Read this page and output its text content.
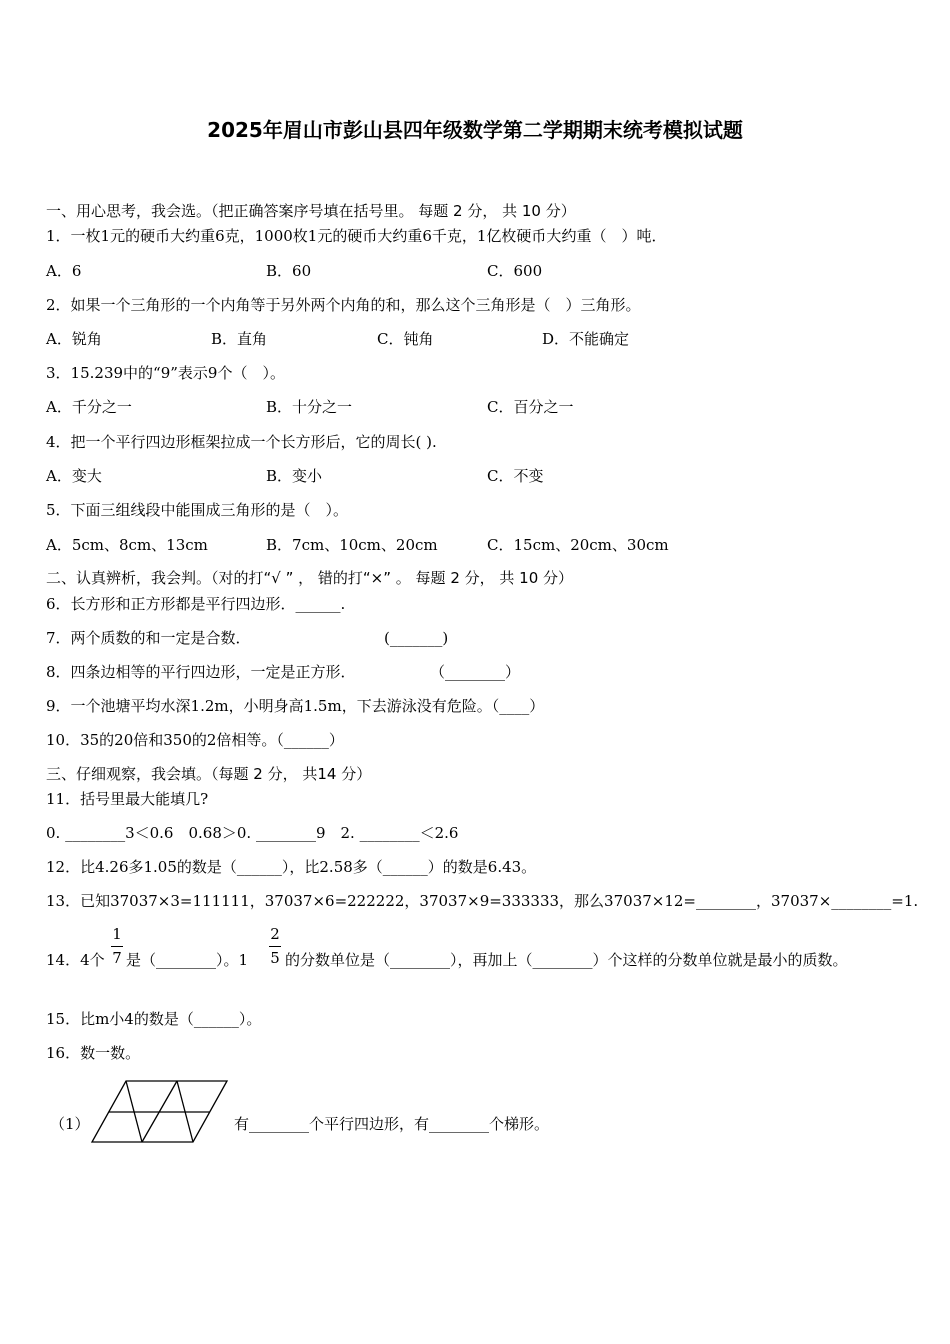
2025年眉山市彭山县四年级数学第二学期期末统考模拟试题
一、用心思考，我会选。（把正确答案序号填在括号里。 每题 2 分， 共 10 分）
1．一枚1元的硬币大约重6克，1000枚1元的硬币大约重6千克，1亿枚硬币大约重（　）吨．
A．6	B．60	C．600
2．如果一个三角形的一个内角等于另外两个内角的和，那么这个三角形是（　）三角形。
A．锐角	B．直角	C．钝角	D．不能确定
3．15.239中的“9”表示9个（　）。
A．千分之一	B．十分之一	C．百分之一
4．把一个平行四边形框架拉成一个长方形后，它的周长( ).
A．变大	B．变小	C．不变
5．下面三组线段中能围成三角形的是（　）。
A．5cm、8cm、13cm	B．7cm、10cm、20cm	C．15cm、20cm、30cm
二、认真辨析，我会判。（对的打“√ ” ， 错的打“×” 。 每题 2 分， 共 10 分）
6．长方形和正方形都是平行四边形．______.
7．两个质数的和一定是合数．	(_______)
8．四条边相等的平行四边形，一定是正方形．	（________）
9．一个池塘平均水深1.2m，小明身高1.5m，下去游泳没有危险。（____）
10．35的20倍和350的2倍相等。（______）
三、仔细观察，我会填。（每题 2 分， 共14 分）
11．括号里最大能填几?
0. ________3＜0.6　0.68＞0. ________9　2. ________＜2.6
12．比4.26多1.05的数是（______），比2.58多（______）的数是6.43。
13．已知37037×3=111111，37037×6=222222，37037×9=333333，那么37037×12=________，37037×________=1.
14．4个
1
7 是（________）。1
2
5 的分数单位是（________），再加上（________）个这样的分数单位就是最小的质数。
15．比m小4的数是（______）。
16．数一数。
（1）	有________个平行四边形，有________个梯形。
